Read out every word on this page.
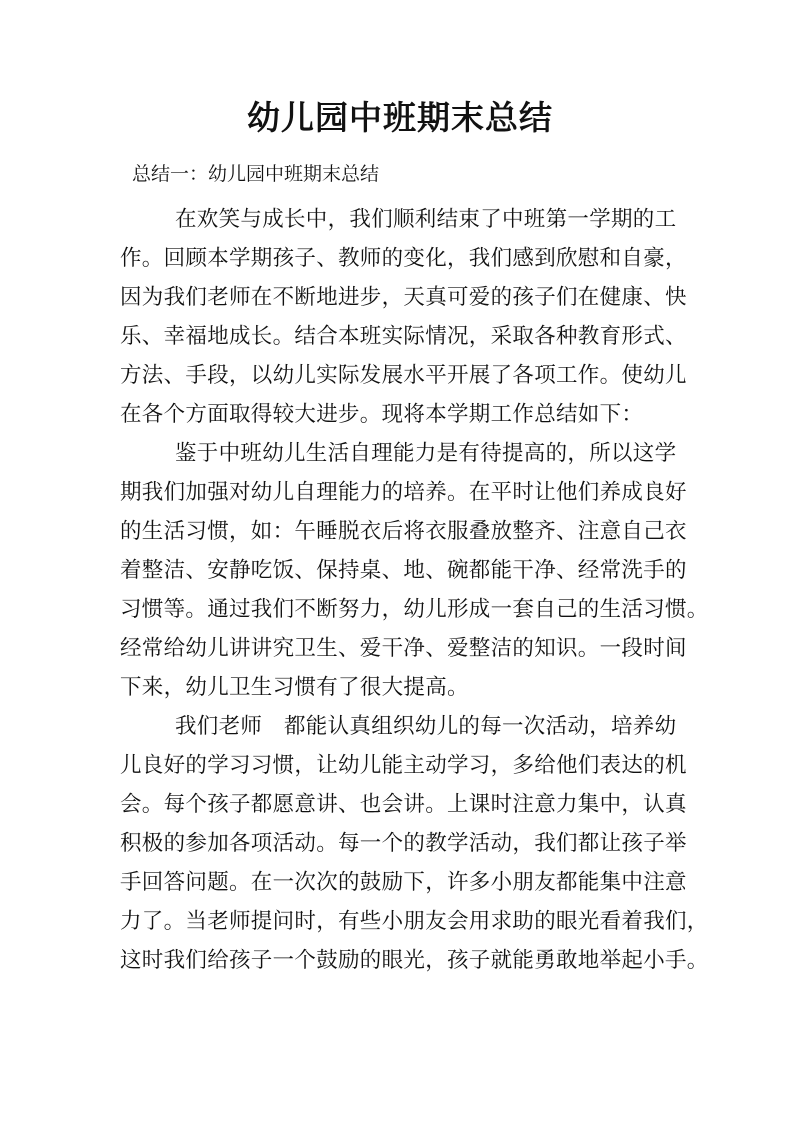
幼儿园中班期末总结
总结一：幼儿园中班期末总结

在欢笑与成长中，我们顺利结束了中班第一学期的工
作。回顾本学期孩子、教师的变化，我们感到欣慰和自豪，
因为我们老师在不断地进步，天真可爱的孩子们在健康、快
乐、幸福地成长。结合本班实际情况，采取各种教育形式、
方法、手段，以幼儿实际发展水平开展了各项工作。使幼儿
在各个方面取得较大进步。现将本学期工作总结如下：

鉴于中班幼儿生活自理能力是有待提高的，所以这学
期我们加强对幼儿自理能力的培养。在平时让他们养成良好
的生活习惯，如：午睡脱衣后将衣服叠放整齐、注意自己衣
着整洁、安静吃饭、保持桌、地、碗都能干净、经常洗手的
习惯等。通过我们不断努力，幼儿形成一套自己的生活习惯。
经常给幼儿讲讲究卫生、爱干净、爱整洁的知识。一段时间
下来，幼儿卫生习惯有了很大提高。

我们老师　都能认真组织幼儿的每一次活动，培养幼
儿良好的学习习惯，让幼儿能主动学习，多给他们表达的机
会。每个孩子都愿意讲、也会讲。上课时注意力集中，认真
积极的参加各项活动。每一个的教学活动，我们都让孩子举
手回答问题。在一次次的鼓励下，许多小朋友都能集中注意
力了。当老师提问时，有些小朋友会用求助的眼光看着我们，
这时我们给孩子一个鼓励的眼光，孩子就能勇敢地举起小手。
